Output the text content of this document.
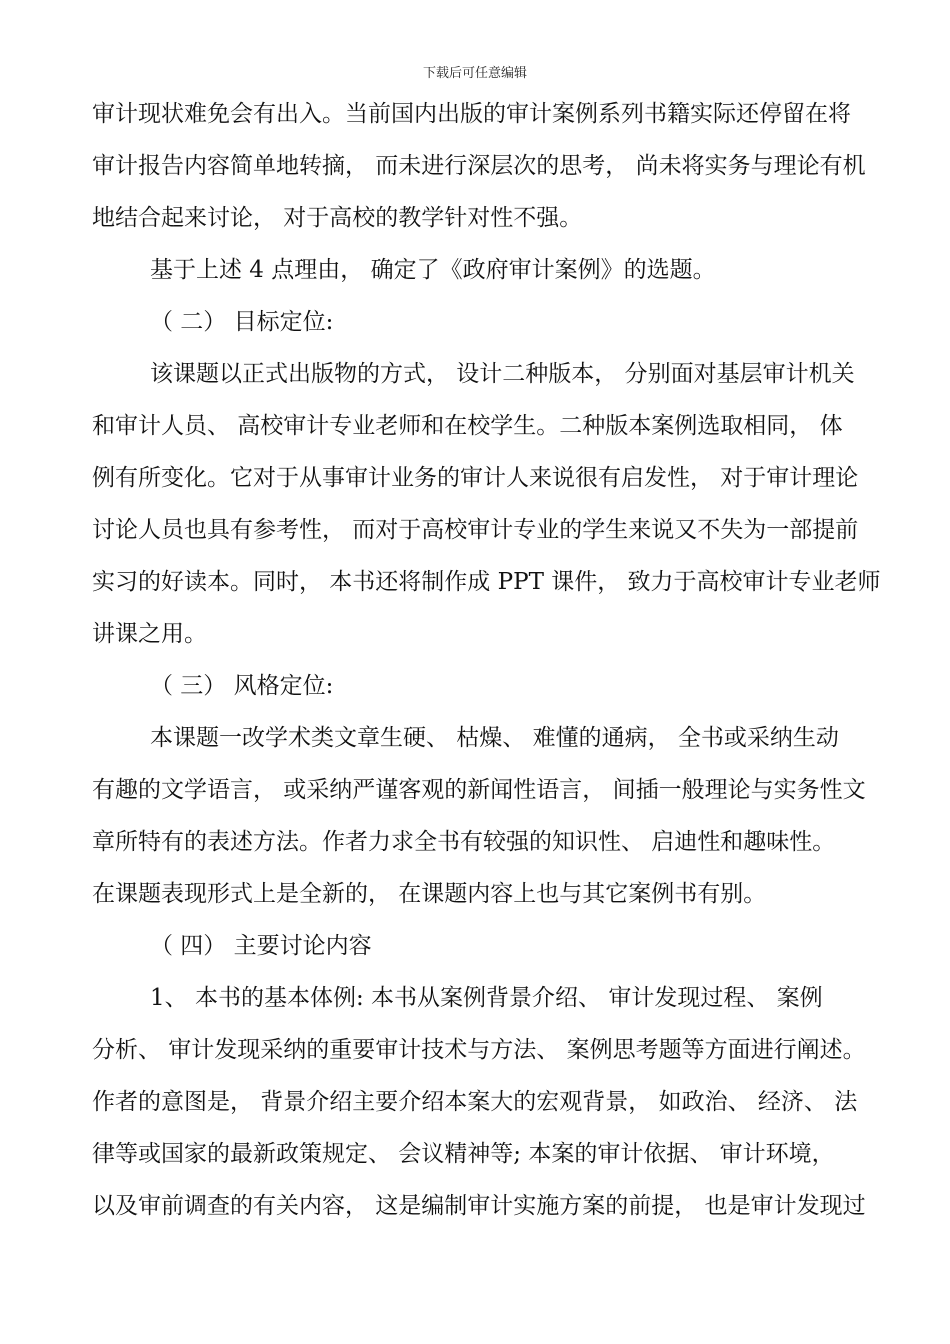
下载后可任意编辑
审计现状难免会有出入。当前国内出版的审计案例系列书籍实际还停留在将
审计报告内容简单地转摘， 而未进行深层次的思考， 尚未将实务与理论有机
地结合起来讨论， 对于高校的教学针对性不强。
基于上述 4 点理由， 确定了《政府审计案例》的选题。
（ 二） 目标定位:
该课题以正式出版物的方式， 设计二种版本， 分别面对基层审计机关
和审计人员、 高校审计专业老师和在校学生。二种版本案例选取相同， 体
例有所变化。它对于从事审计业务的审计人来说很有启发性， 对于审计理论
讨论人员也具有参考性， 而对于高校审计专业的学生来说又不失为一部提前
实习的好读本。同时， 本书还将制作成 PPT 课件， 致力于高校审计专业老师
讲课之用。
（ 三） 风格定位:
本课题一改学术类文章生硬、 枯燥、 难懂的通病， 全书或采纳生动
有趣的文学语言， 或采纳严谨客观的新闻性语言， 间插一般理论与实务性文
章所特有的表述方法。作者力求全书有较强的知识性、 启迪性和趣味性。
在课题表现形式上是全新的， 在课题内容上也与其它案例书有别。
（ 四） 主要讨论内容
1、 本书的基本体例: 本书从案例背景介绍、 审计发现过程、 案例
分析、 审计发现采纳的重要审计技术与方法、 案例思考题等方面进行阐述。
作者的意图是， 背景介绍主要介绍本案大的宏观背景， 如政治、 经济、 法
律等或国家的最新政策规定、 会议精神等; 本案的审计依据、 审计环境，
以及审前调查的有关内容， 这是编制审计实施方案的前提， 也是审计发现过
